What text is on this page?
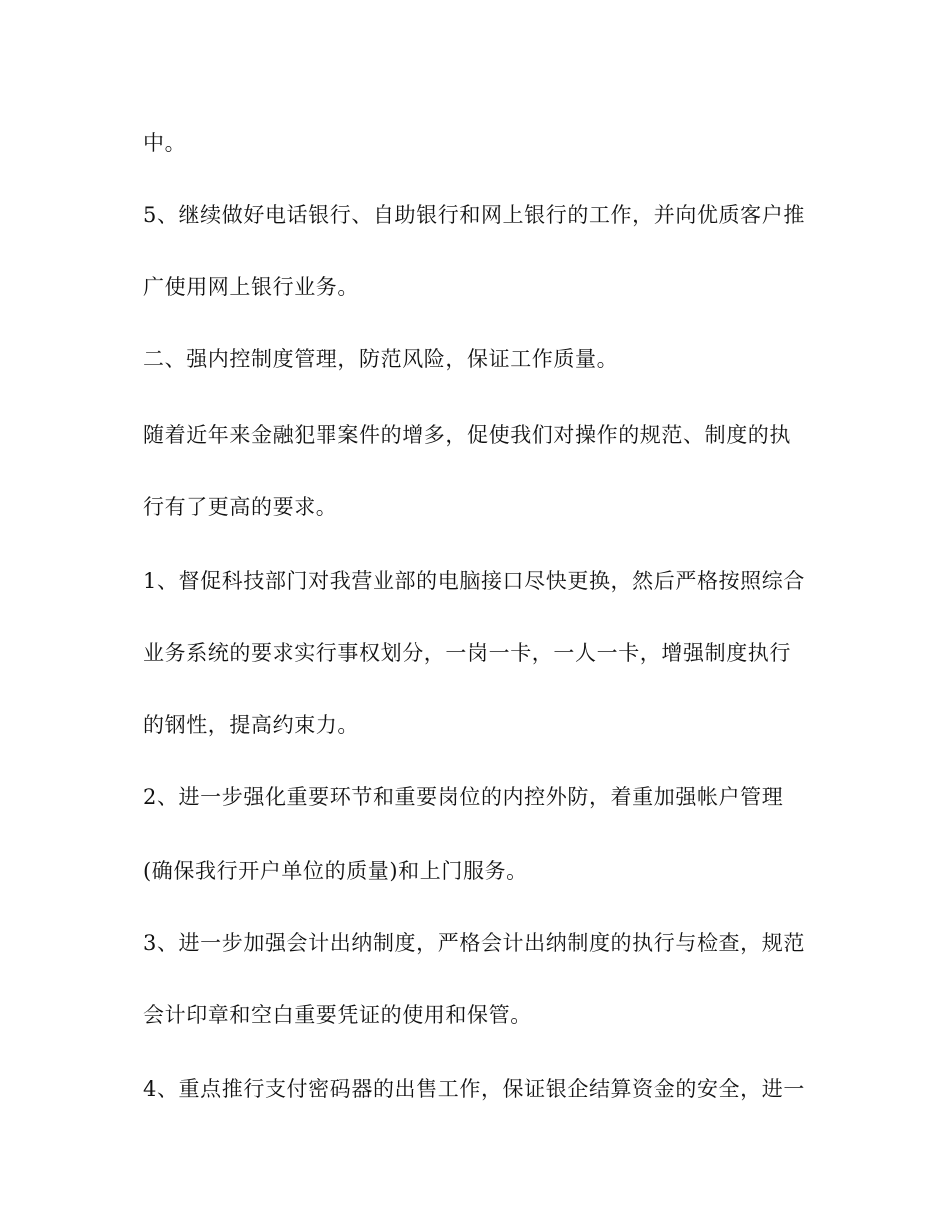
中。
5、继续做好电话银行、自助银行和网上银行的工作，并向优质客户推
广使用网上银行业务。
二、强内控制度管理，防范风险，保证工作质量。
随着近年来金融犯罪案件的增多，促使我们对操作的规范、制度的执
行有了更高的要求。
1、督促科技部门对我营业部的电脑接口尽快更换，然后严格按照综合
业务系统的要求实行事权划分，一岗一卡，一人一卡，增强制度执行
的钢性，提高约束力。
2、进一步强化重要环节和重要岗位的内控外防，着重加强帐户管理
(确保我行开户单位的质量)和上门服务。
3、进一步加强会计出纳制度，严格会计出纳制度的执行与检查，规范
会计印章和空白重要凭证的使用和保管。
4、重点推行支付密码器的出售工作，保证银企结算资金的安全，进一
